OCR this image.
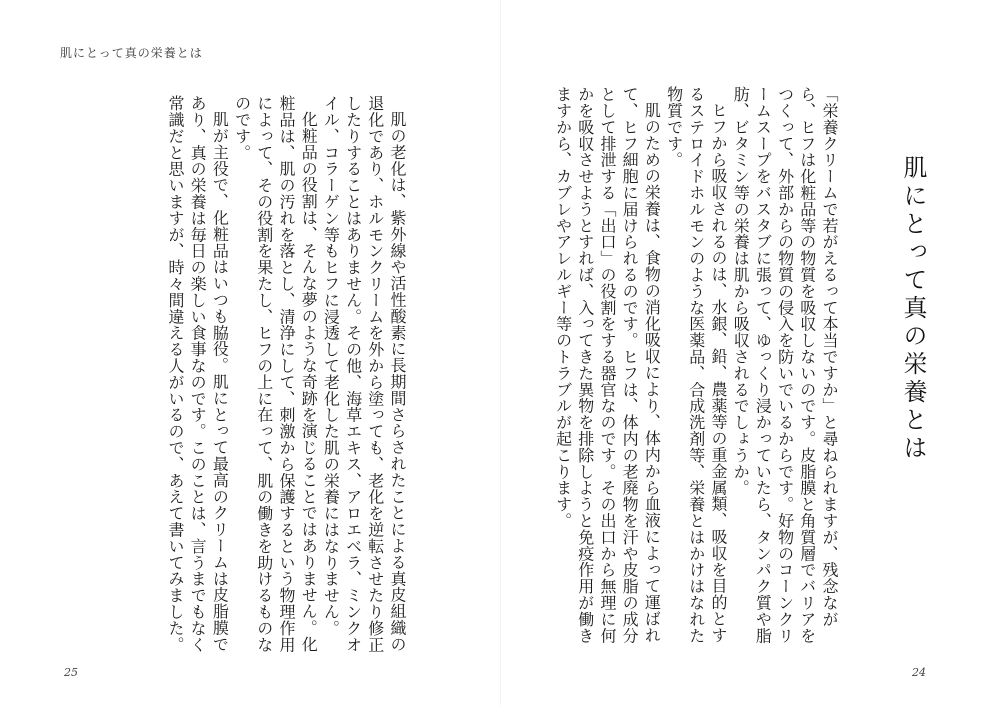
肌にとって真の栄養とは
肌にとって真の栄養とは

「栄養クリームで若がえるって本当ですか」と尋ねられますが、残念ながら、ヒフは化粧品等の物質を吸収しないのです。皮脂膜と角質層でバリアをつくって、外部からの物質の侵入を防いでいるからです。好物のコーンクリームスープをバスタブに張って、ゆっくり浸かっていたら、タンパク質や脂肪、ビタミン等の栄養は肌から吸収されるでしょうか。

ヒフから吸収されるのは、水銀、鉛、農薬等の重金属類、吸収を目的とするステロイドホルモンのような医薬品、合成洗剤等、栄養とはかけはなれた物質です。

肌のための栄養は、食物の消化吸収により、体内から血液によって運ばれて、ヒフ細胞に届けられるのです。ヒフは、体内の老廃物を汗や皮脂の成分として排泄する「出口」の役割をする器官なのです。その出口から無理に何かを吸収させようとすれば、入ってきた異物を排除しようと免疫作用が働きますから、カブレやアレルギー等のトラブルが起こります。

肌の老化は、紫外線や活性酸素に長期間さらされたことによる真皮組織の退化であり、ホルモンクリームを外から塗っても、老化を逆転させたり修正したりすることはありません。その他、海草エキス、アロエベラ、ミンクオイル、コラーゲン等もヒフに浸透して老化した肌の栄養にはなりません。

化粧品の役割は、そんな夢のような奇跡を演じることではありません。化粧品は、肌の汚れを落とし、清浄にして、刺激から保護するという物理作用によって、その役割を果たし、ヒフの上に在って、肌の働きを助けるものなのです。

肌が主役で、化粧品はいつも脇役。肌にとって最高のクリームは皮脂膜であり、真の栄養は毎日の楽しい食事なのです。このことは、言うまでもなく常識だと思いますが、時々間違える人がいるので、あえて書いてみました。

25	24
